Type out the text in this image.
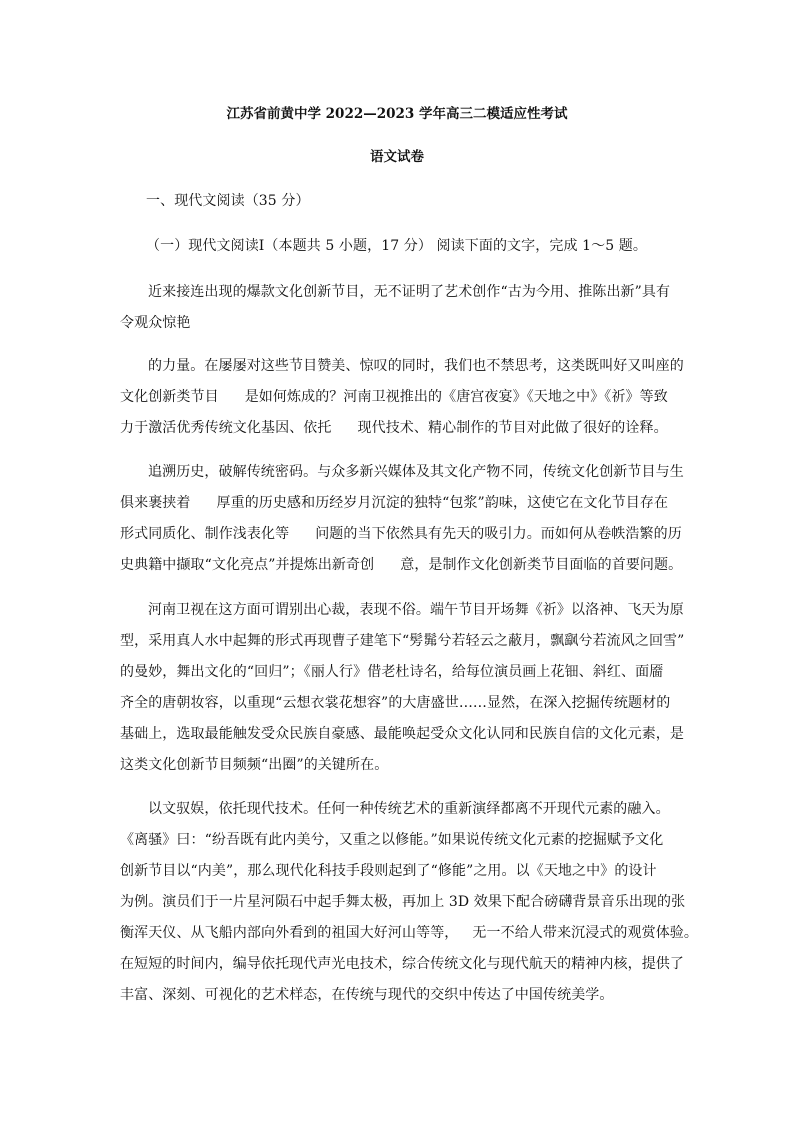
江苏省前黄中学 2022—2023 学年高三二模适应性考试
语文试卷
一、现代文阅读（35 分）
（一）现代文阅读Ⅰ（本题共 5 小题，17 分） 阅读下面的文字，完成 1～5 题。
近来接连出现的爆款文化创新节目，无不证明了艺术创作“古为今用、推陈出新”具有
令观众惊艳
的力量。在屡屡对这些节目赞美、惊叹的同时，我们也不禁思考，这类既叫好又叫座的
文化创新类节目 是如何炼成的？河南卫视推出的《唐宫夜宴》《天地之中》《祈》等致
力于激活优秀传统文化基因、依托 现代技术、精心制作的节目对此做了很好的诠释。
追溯历史，破解传统密码。与众多新兴媒体及其文化产物不同，传统文化创新节目与生
俱来裹挟着 厚重的历史感和历经岁月沉淀的独特“包浆”韵味，这使它在文化节目存在
形式同质化、制作浅表化等 问题的当下依然具有先天的吸引力。而如何从卷帙浩繁的历
史典籍中撷取“文化亮点”并提炼出新奇创 意，是制作文化创新类节目面临的首要问题。
河南卫视在这方面可谓别出心裁，表现不俗。端午节目开场舞《祈》以洛神、飞天为原
型，采用真人水中起舞的形式再现曹子建笔下“髣髴兮若轻云之蔽月，飘飖兮若流风之回雪”
的曼妙，舞出文化的“回归”；《丽人行》借老杜诗名，给每位演员画上花钿、斜红、面靥
齐全的唐朝妆容，以重现“云想衣裳花想容”的大唐盛世……显然，在深入挖掘传统题材的
基础上，选取最能触发受众民族自豪感、最能唤起受众文化认同和民族自信的文化元素，是
这类文化创新节目频频“出圈”的关键所在。
以文驭娱，依托现代技术。任何一种传统艺术的重新演绎都离不开现代元素的融入。
《离骚》曰：“纷吾既有此内美兮，又重之以修能。”如果说传统文化元素的挖掘赋予文化
创新节目以“内美”，那么现代化科技手段则起到了“修能”之用。以《天地之中》的设计
为例。演员们于一片星河陨石中起手舞太极，再加上 3D 效果下配合磅礴背景音乐出现的张
衡浑天仪、从飞船内部向外看到的祖国大好河山等等， 无一不给人带来沉浸式的观赏体验。
在短短的时间内，编导依托现代声光电技术，综合传统文化与现代航天的精神内核，提供了
丰富、深刻、可视化的艺术样态，在传统与现代的交织中传达了中国传统美学。
